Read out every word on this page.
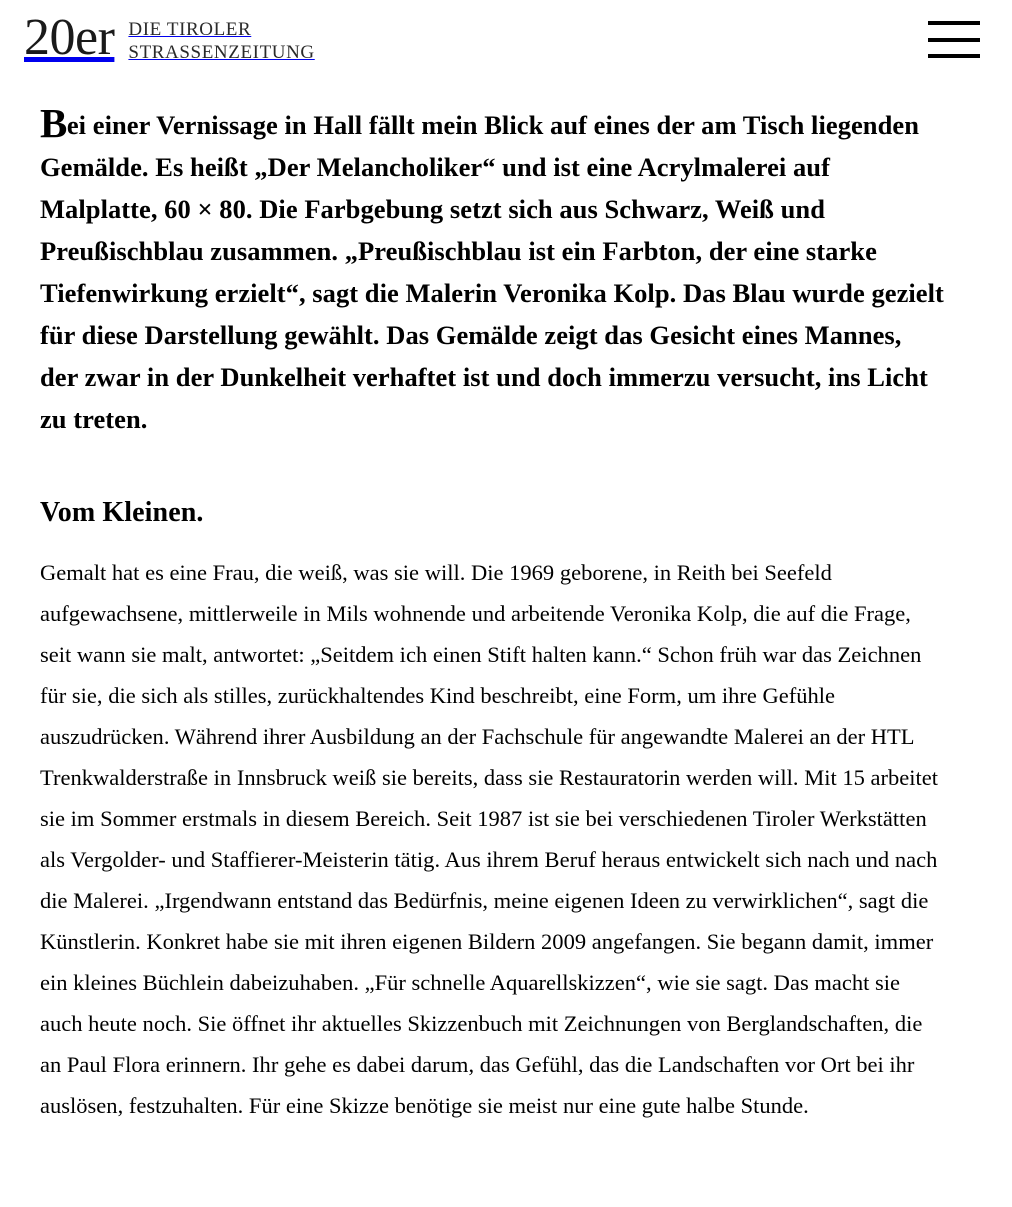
20er DIE TIROLER
STRASSENZEITUNG

Bei einer Vernissage in Hall fällt mein Blick auf eines der am Tisch liegenden Gemälde. Es heißt „Der Melancholiker“ und ist eine Acrylmalerei auf Malplatte, 60 × 80. Die Farbgebung setzt sich aus Schwarz, Weiß und Preußischblau zusammen. „Preußischblau ist ein Farbton, der eine starke Tiefenwirkung erzielt“, sagt die Malerin Veronika Kolp. Das Blau wurde gezielt für diese Darstellung gewählt. Das Gemälde zeigt das Gesicht eines Mannes, der zwar in der Dunkelheit verhaftet ist und doch immerzu versucht, ins Licht zu treten.

Vom Kleinen.

Gemalt hat es eine Frau, die weiß, was sie will. Die 1969 geborene, in Reith bei Seefeld aufgewachsene, mittlerweile in Mils wohnende und arbeitende Veronika Kolp, die auf die Frage, seit wann sie malt, antwortet: „Seitdem ich einen Stift halten kann.“ Schon früh war das Zeichnen für sie, die sich als stilles, zurückhaltendes Kind beschreibt, eine Form, um ihre Gefühle auszudrücken. Während ihrer Ausbildung an der Fachschule für angewandte Malerei an der HTL Trenkwalderstraße in Innsbruck weiß sie bereits, dass sie Restauratorin werden will. Mit 15 arbeitet sie im Sommer erstmals in diesem Bereich. Seit 1987 ist sie bei verschiedenen Tiroler Werkstätten als Vergolder- und Staffierer-Meisterin tätig. Aus ihrem Beruf heraus entwickelt sich nach und nach die Malerei. „Irgendwann entstand das Bedürfnis, meine eigenen Ideen zu verwirklichen“, sagt die Künstlerin. Konkret habe sie mit ihren eigenen Bildern 2009 angefangen. Sie begann damit, immer ein kleines Büchlein dabeizuhaben. „Für schnelle Aquarellskizzen“, wie sie sagt. Das macht sie auch heute noch. Sie öffnet ihr aktuelles Skizzenbuch mit Zeichnungen von Berglandschaften, die an Paul Flora erinnern. Ihr gehe es dabei darum, das Gefühl, das die Landschaften vor Ort bei ihr auslösen, festzuhalten. Für eine Skizze benötige sie meist nur eine gute halbe Stunde.
